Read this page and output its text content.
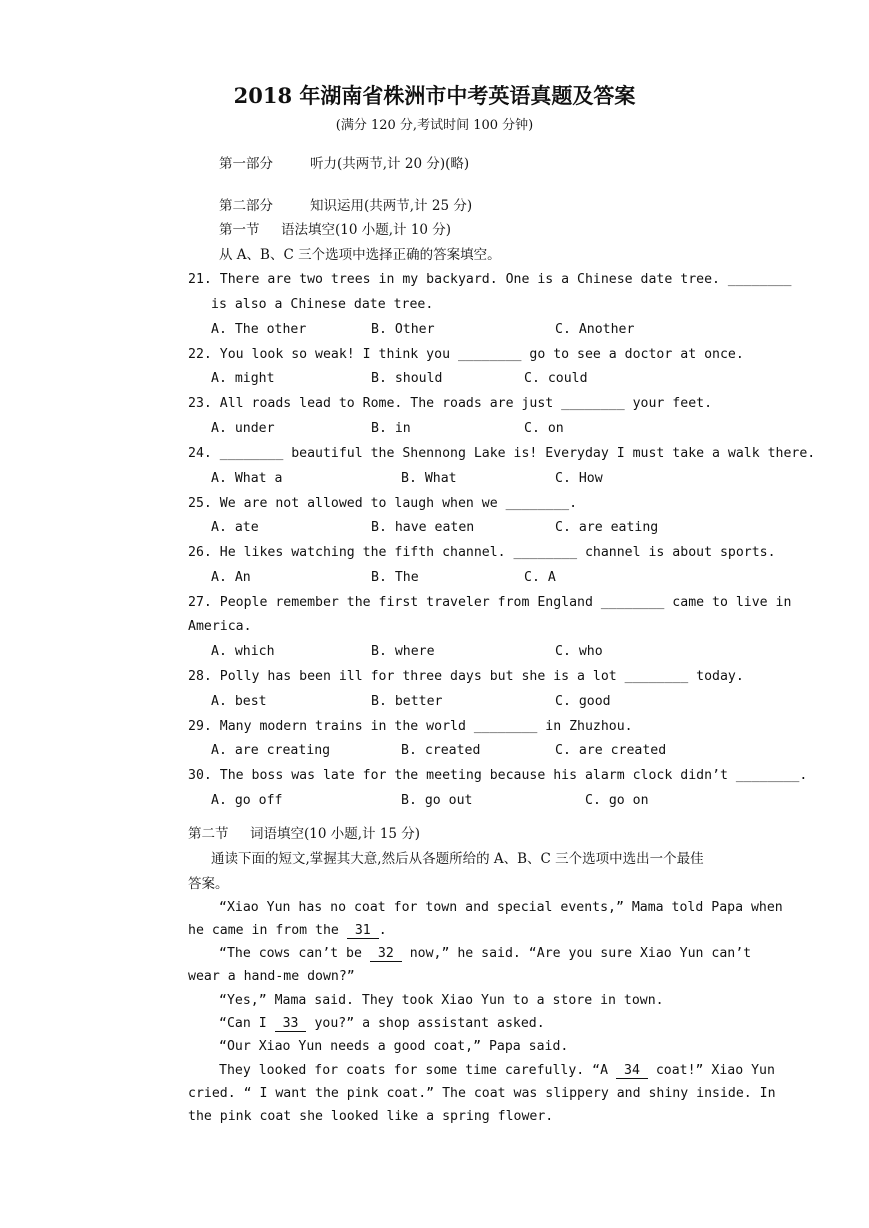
2018 年湖南省株洲市中考英语真题及答案
(满分 120 分,考试时间 100 分钟)
第一部分	听力(共两节,计 20 分)(略)
第二部分	知识运用(共两节,计 25 分)
第一节 语法填空(10 小题,计 10 分)
从 A、B、C 三个选项中选择正确的答案填空。
21. There are two trees in my backyard. One is a Chinese date tree. ________
is also a Chinese date tree.
A. The other	B. Other	C. Another
22. You look so weak! I think you ________ go to see a doctor at once.
A. might	B. should	C. could
23. All roads lead to Rome. The roads are just ________ your feet.
A. under	B. in	C. on
24. ________ beautiful the Shennong Lake is! Everyday I must take a walk there.
A. What a	B. What	C. How
25. We are not allowed to laugh when we ________.
A. ate	B. have eaten	C. are eating
26. He likes watching the fifth channel. ________ channel is about sports.
A. An	B. The	C. A
27. People remember the first traveler from England ________ came to live in
America.
A. which	B. where	C. who
28. Polly has been ill for three days but she is a lot ________ today.
A. best	B. better	C. good
29. Many modern trains in the world ________ in Zhuzhou.
A. are creating	B. created	C. are created
30. The boss was late for the meeting because his alarm clock didn’t ________.
A. go off	B. go out	C. go on
第二节 词语填空(10 小题,计 15 分)
通读下面的短文,掌握其大意,然后从各题所给的 A、B、C 三个选项中选出一个最佳
答案。
“Xiao Yun has no coat for town and special events,” Mama told Papa when
he came in from the 31 .
“The cows can’t be 32 now,” he said. “Are you sure Xiao Yun can’t
wear a hand-me down?”
“Yes,” Mama said. They took Xiao Yun to a store in town.
“Can I 33 you?” a shop assistant asked.
“Our Xiao Yun needs a good coat,” Papa said.
They looked for coats for some time carefully. “A 34 coat!” Xiao Yun
cried. “ I want the pink coat.” The coat was slippery and shiny inside. In
the pink coat she looked like a spring flower.
